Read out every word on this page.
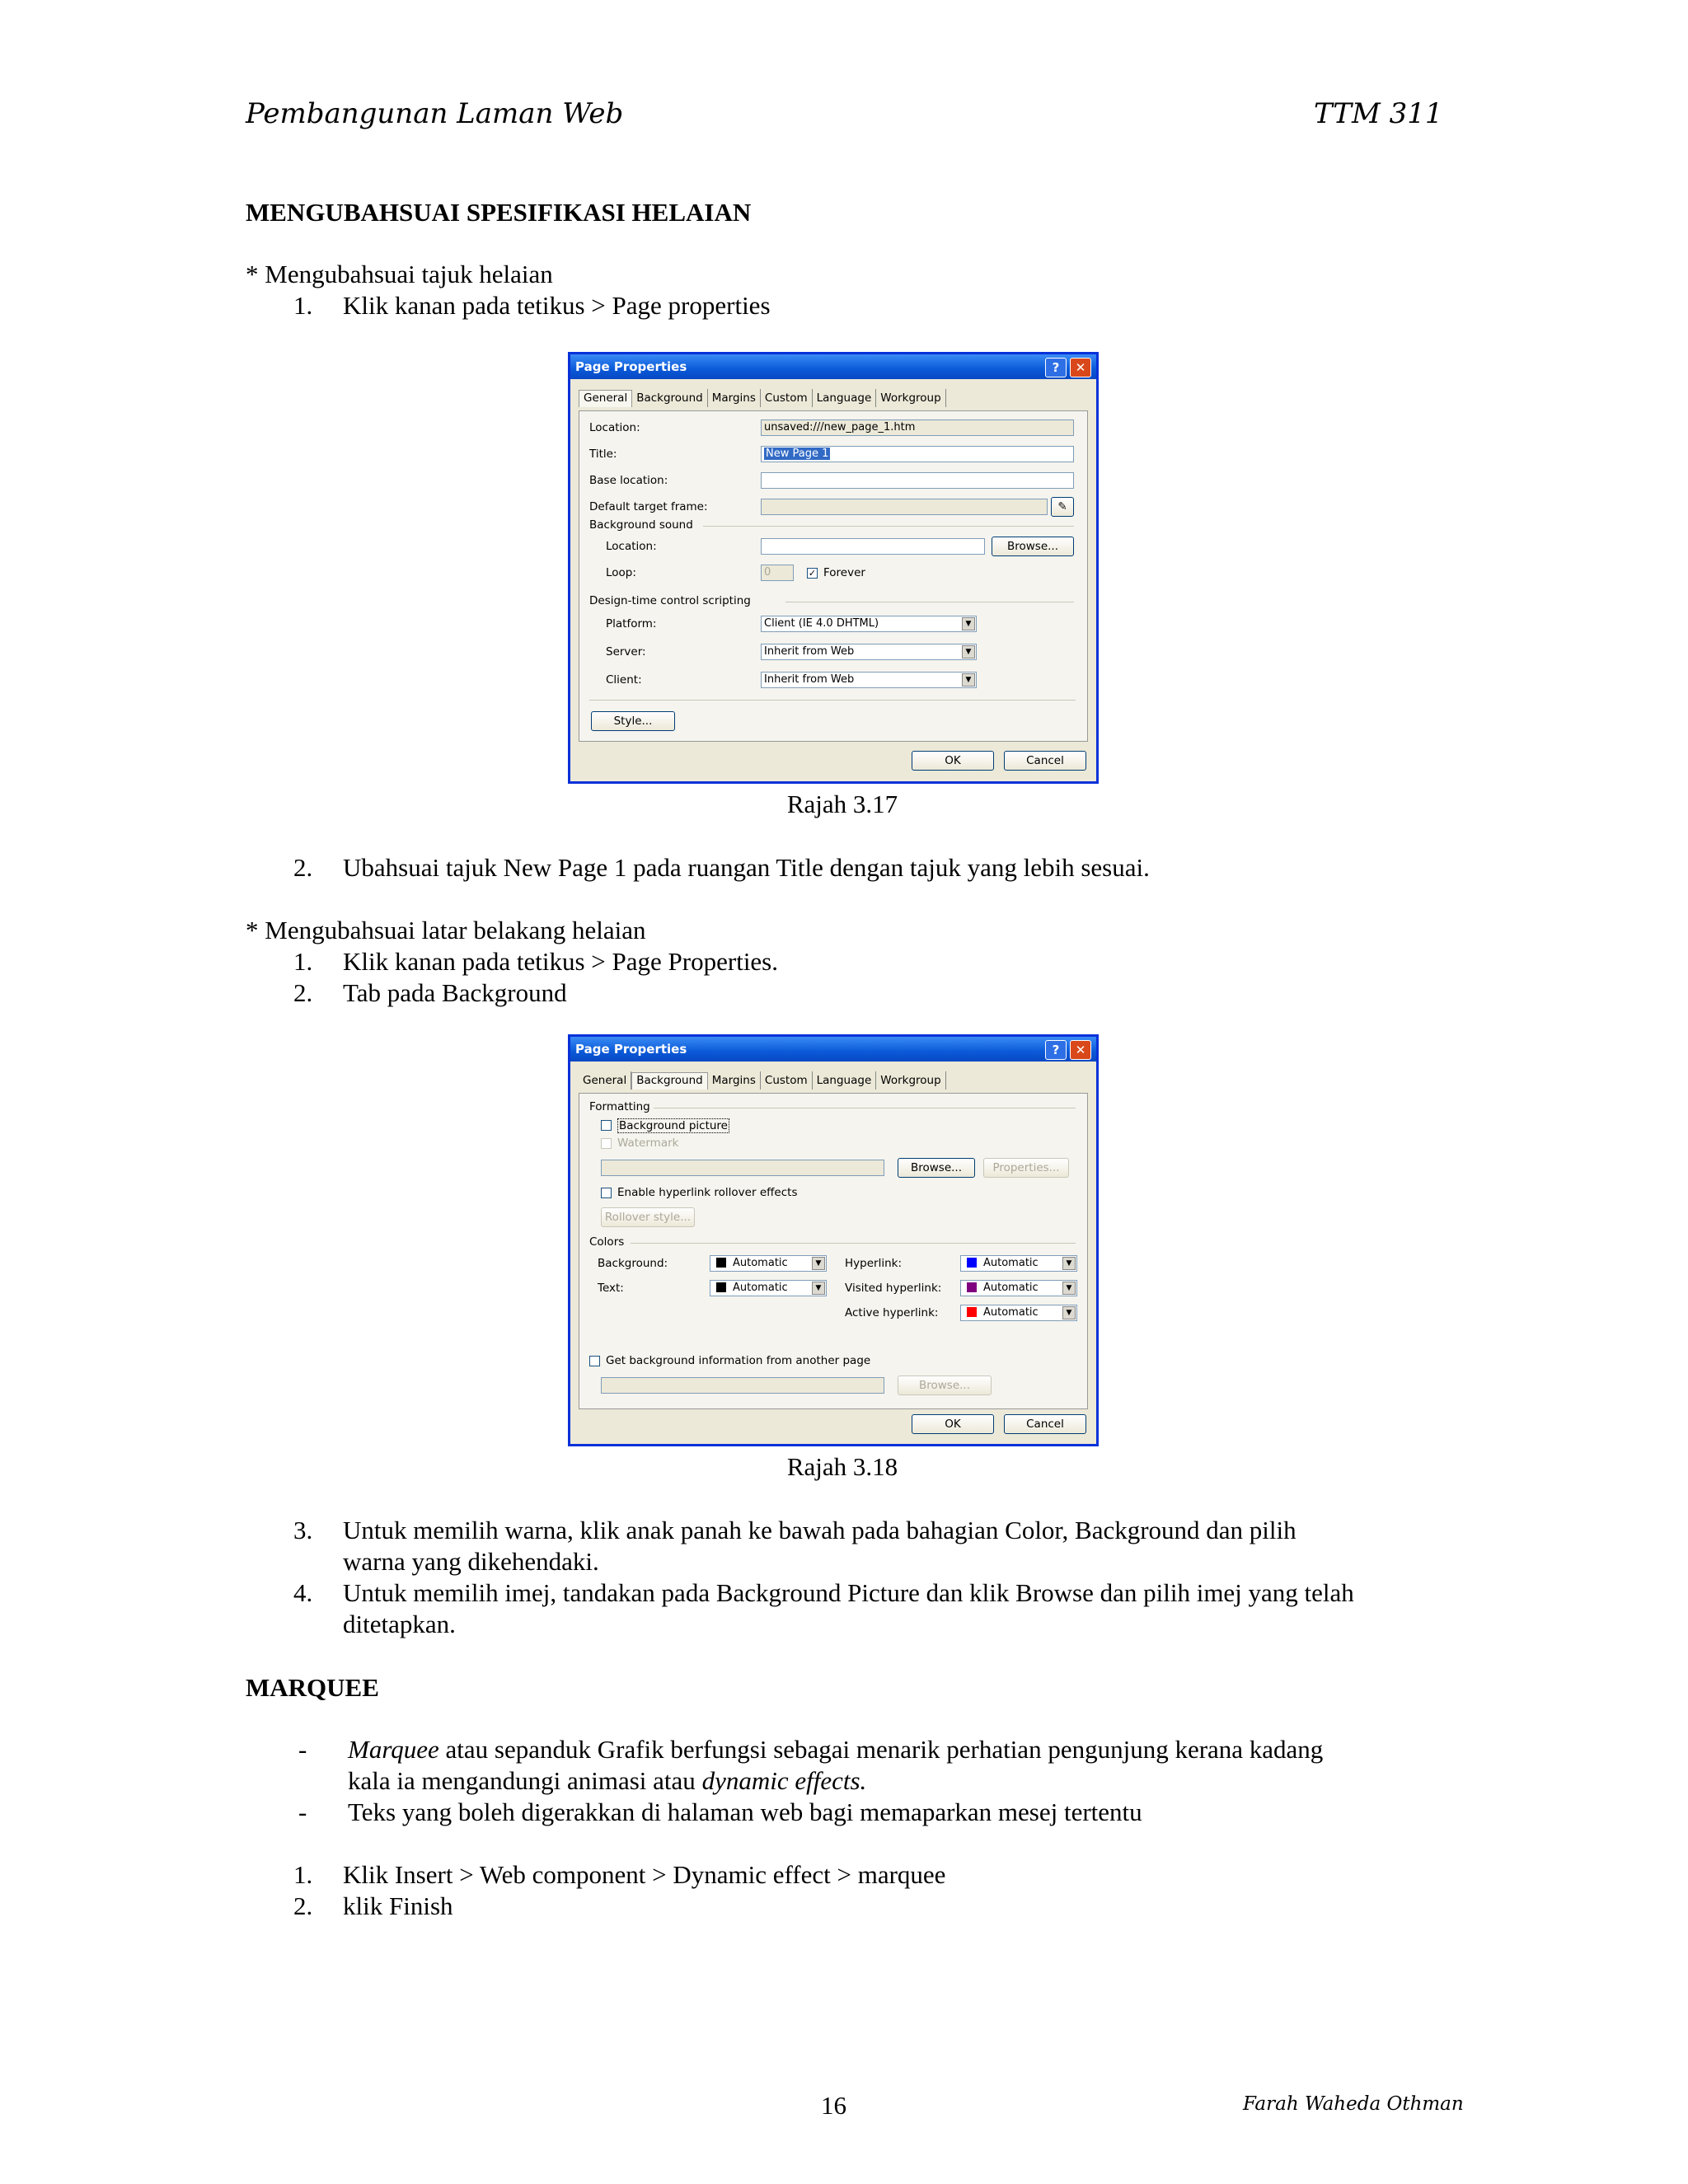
Pembangunan Laman Web	TTM 311
MENGUBAHSUAI SPESIFIKASI HELAIAN
* Mengubahsuai tajuk helaian
1. Klik kanan pada tetikus > Page properties
Page Properties	?	✕
General Background Margins Custom Language Workgroup
Location:	unsaved:///new_page_1.htm
Title:	New Page 1
Base location:
Default target frame:	✎
Background sound
Location:	Browse...
Loop:	0	✓ Forever
Design-time control scripting
Platform:	Client (IE 4.0 DHTML)	▼
Server:	Inherit from Web	▼
Client:	Inherit from Web	▼
Style...
OK	Cancel
Rajah 3.17
2. Ubahsuai tajuk New Page 1 pada ruangan Title dengan tajuk yang lebih sesuai.
* Mengubahsuai latar belakang helaian
1. Klik kanan pada tetikus > Page Properties.
2. Tab pada Background
Page Properties	?	✕
General Background Margins Custom Language Workgroup
Formatting
Background picture
Watermark
Browse...	Properties...
Enable hyperlink rollover effects
Rollover style...
Colors
Background:	Automatic	▼
Text:	Automatic	▼
Hyperlink:	Automatic	▼
Visited hyperlink:	Automatic	▼
Active hyperlink:	Automatic	▼
Get background information from another page
Browse...
OK	Cancel
Rajah 3.18
3. Untuk memilih warna, klik anak panah ke bawah pada bahagian Color, Background dan pilih
warna yang dikehendaki.
4. Untuk memilih imej, tandakan pada Background Picture dan klik Browse dan pilih imej yang telah
ditetapkan.
MARQUEE
- Marquee atau sepanduk Grafik berfungsi sebagai menarik perhatian pengunjung kerana kadang
kala ia mengandungi animasi atau dynamic effects.
- Teks yang boleh digerakkan di halaman web bagi memaparkan mesej tertentu
1. Klik Insert > Web component > Dynamic effect > marquee
2. klik Finish
16	Farah Waheda Othman
